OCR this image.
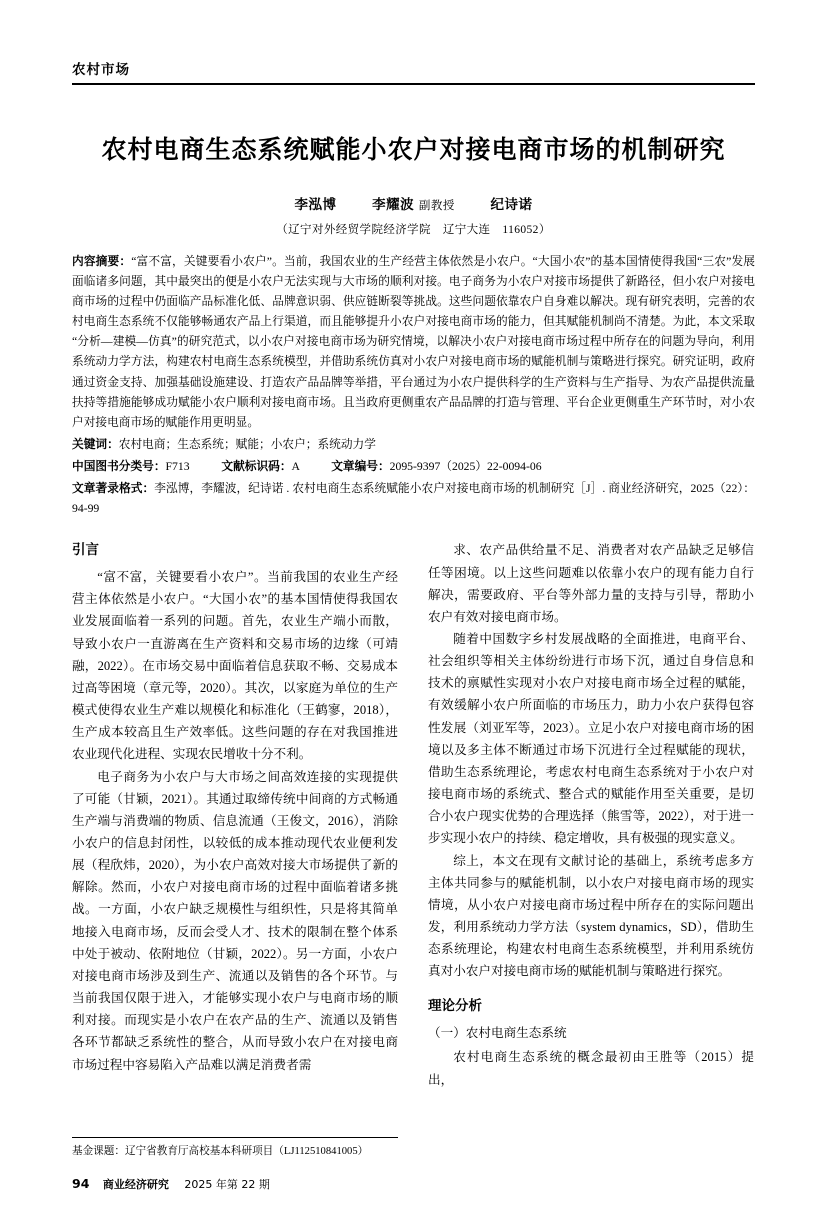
农村市场
农村电商生态系统赋能小农户对接电商市场的机制研究
李泓博	李耀波 副教授	纪诗诺
（辽宁对外经贸学院经济学院　辽宁大连　116052）

内容摘要：“富不富，关键要看小农户”。当前，我国农业的生产经营主体依然是小农户。“大国小农”的基本国情使得我国“三农”发展面临诸多问题，其中最突出的便是小农户无法实现与大市场的顺利对接。电子商务为小农户对接市场提供了新路径，但小农户对接电商市场的过程中仍面临产品标准化低、品牌意识弱、供应链断裂等挑战。这些问题依靠农户自身难以解决。现有研究表明，完善的农村电商生态系统不仅能够畅通农产品上行渠道，而且能够提升小农户对接电商市场的能力，但其赋能机制尚不清楚。为此，本文采取“分析—建模—仿真”的研究范式，以小农户对接电商市场为研究情境，以解决小农户对接电商市场过程中所存在的问题为导向，利用系统动力学方法，构建农村电商生态系统模型，并借助系统仿真对小农户对接电商市场的赋能机制与策略进行探究。研究证明，政府通过资金支持、加强基础设施建设、打造农产品品牌等举措，平台通过为小农户提供科学的生产资料与生产指导、为农产品提供流量扶持等措施能够成功赋能小农户顺利对接电商市场。且当政府更侧重农产品品牌的打造与管理、平台企业更侧重生产环节时，对小农户对接电商市场的赋能作用更明显。

关键词：农村电商；生态系统；赋能；小农户；系统动力学

中国图书分类号：F713	文献标识码：A	文章编号：2095-9397（2025）22-0094-06

文章著录格式：李泓博，李耀波，纪诗诺 . 农村电商生态系统赋能小农户对接电商市场的机制研究［J］. 商业经济研究，2025（22）：94-99

引言

“富不富，关键要看小农户”。当前我国的农业生产经营主体依然是小农户。“大国小农”的基本国情使得我国农业发展面临着一系列的问题。首先，农业生产端小而散，导致小农户一直游离在生产资料和交易市场的边缘（可靖融，2022）。在市场交易中面临着信息获取不畅、交易成本过高等困境（章元等，2020）。其次，以家庭为单位的生产模式使得农业生产难以规模化和标准化（王鹤寥，2018），生产成本较高且生产效率低。这些问题的存在对我国推进农业现代化进程、实现农民增收十分不利。

电子商务为小农户与大市场之间高效连接的实现提供了可能（甘颖，2021）。其通过取缔传统中间商的方式畅通生产端与消费端的物质、信息流通（王俊文，2016），消除小农户的信息封闭性，以较低的成本推动现代农业便利发展（程欣炜，2020），为小农户高效对接大市场提供了新的解除。然而，小农户对接电商市场的过程中面临着诸多挑战。一方面，小农户缺乏规模性与组织性，只是将其简单地接入电商市场，反而会受人才、技术的限制在整个体系中处于被动、依附地位（甘颖，2022）。另一方面，小农户对接电商市场涉及到生产、流通以及销售的各个环节。与当前我国仅限于进入，才能够实现小农户与电商市场的顺利对接。而现实是小农户在农产品的生产、流通以及销售各环节都缺乏系统性的整合，从而导致小农户在对接电商市场过程中容易陷入产品难以满足消费者需

求、农产品供给量不足、消费者对农产品缺乏足够信任等困境。以上这些问题难以依靠小农户的现有能力自行解决，需要政府、平台等外部力量的支持与引导，帮助小农户有效对接电商市场。

随着中国数字乡村发展战略的全面推进，电商平台、社会组织等相关主体纷纷进行市场下沉，通过自身信息和技术的禀赋性实现对小农户对接电商市场全过程的赋能，有效缓解小农户所面临的市场压力，助力小农户获得包容性发展（刘亚军等，2023）。立足小农户对接电商市场的困境以及多主体不断通过市场下沉进行全过程赋能的现状，借助生态系统理论，考虑农村电商生态系统对于小农户对接电商市场的系统式、整合式的赋能作用至关重要，是切合小农户现实优势的合理选择（熊雪等，2022），对于进一步实现小农户的持续、稳定增收，具有极强的现实意义。

综上，本文在现有文献讨论的基础上，系统考虑多方主体共同参与的赋能机制，以小农户对接电商市场的现实情境，从小农户对接电商市场过程中所存在的实际问题出发，利用系统动力学方法（system dynamics，SD），借助生态系统理论，构建农村电商生态系统模型，并利用系统仿真对小农户对接电商市场的赋能机制与策略进行探究。

理论分析
（一）农村电商生态系统

农村电商生态系统的概念最初由王胜等（2015）提出，

基金课题：辽宁省教育厅高校基本科研项目（LJ112510841005）
94 商业经济研究 2025 年第 22 期
